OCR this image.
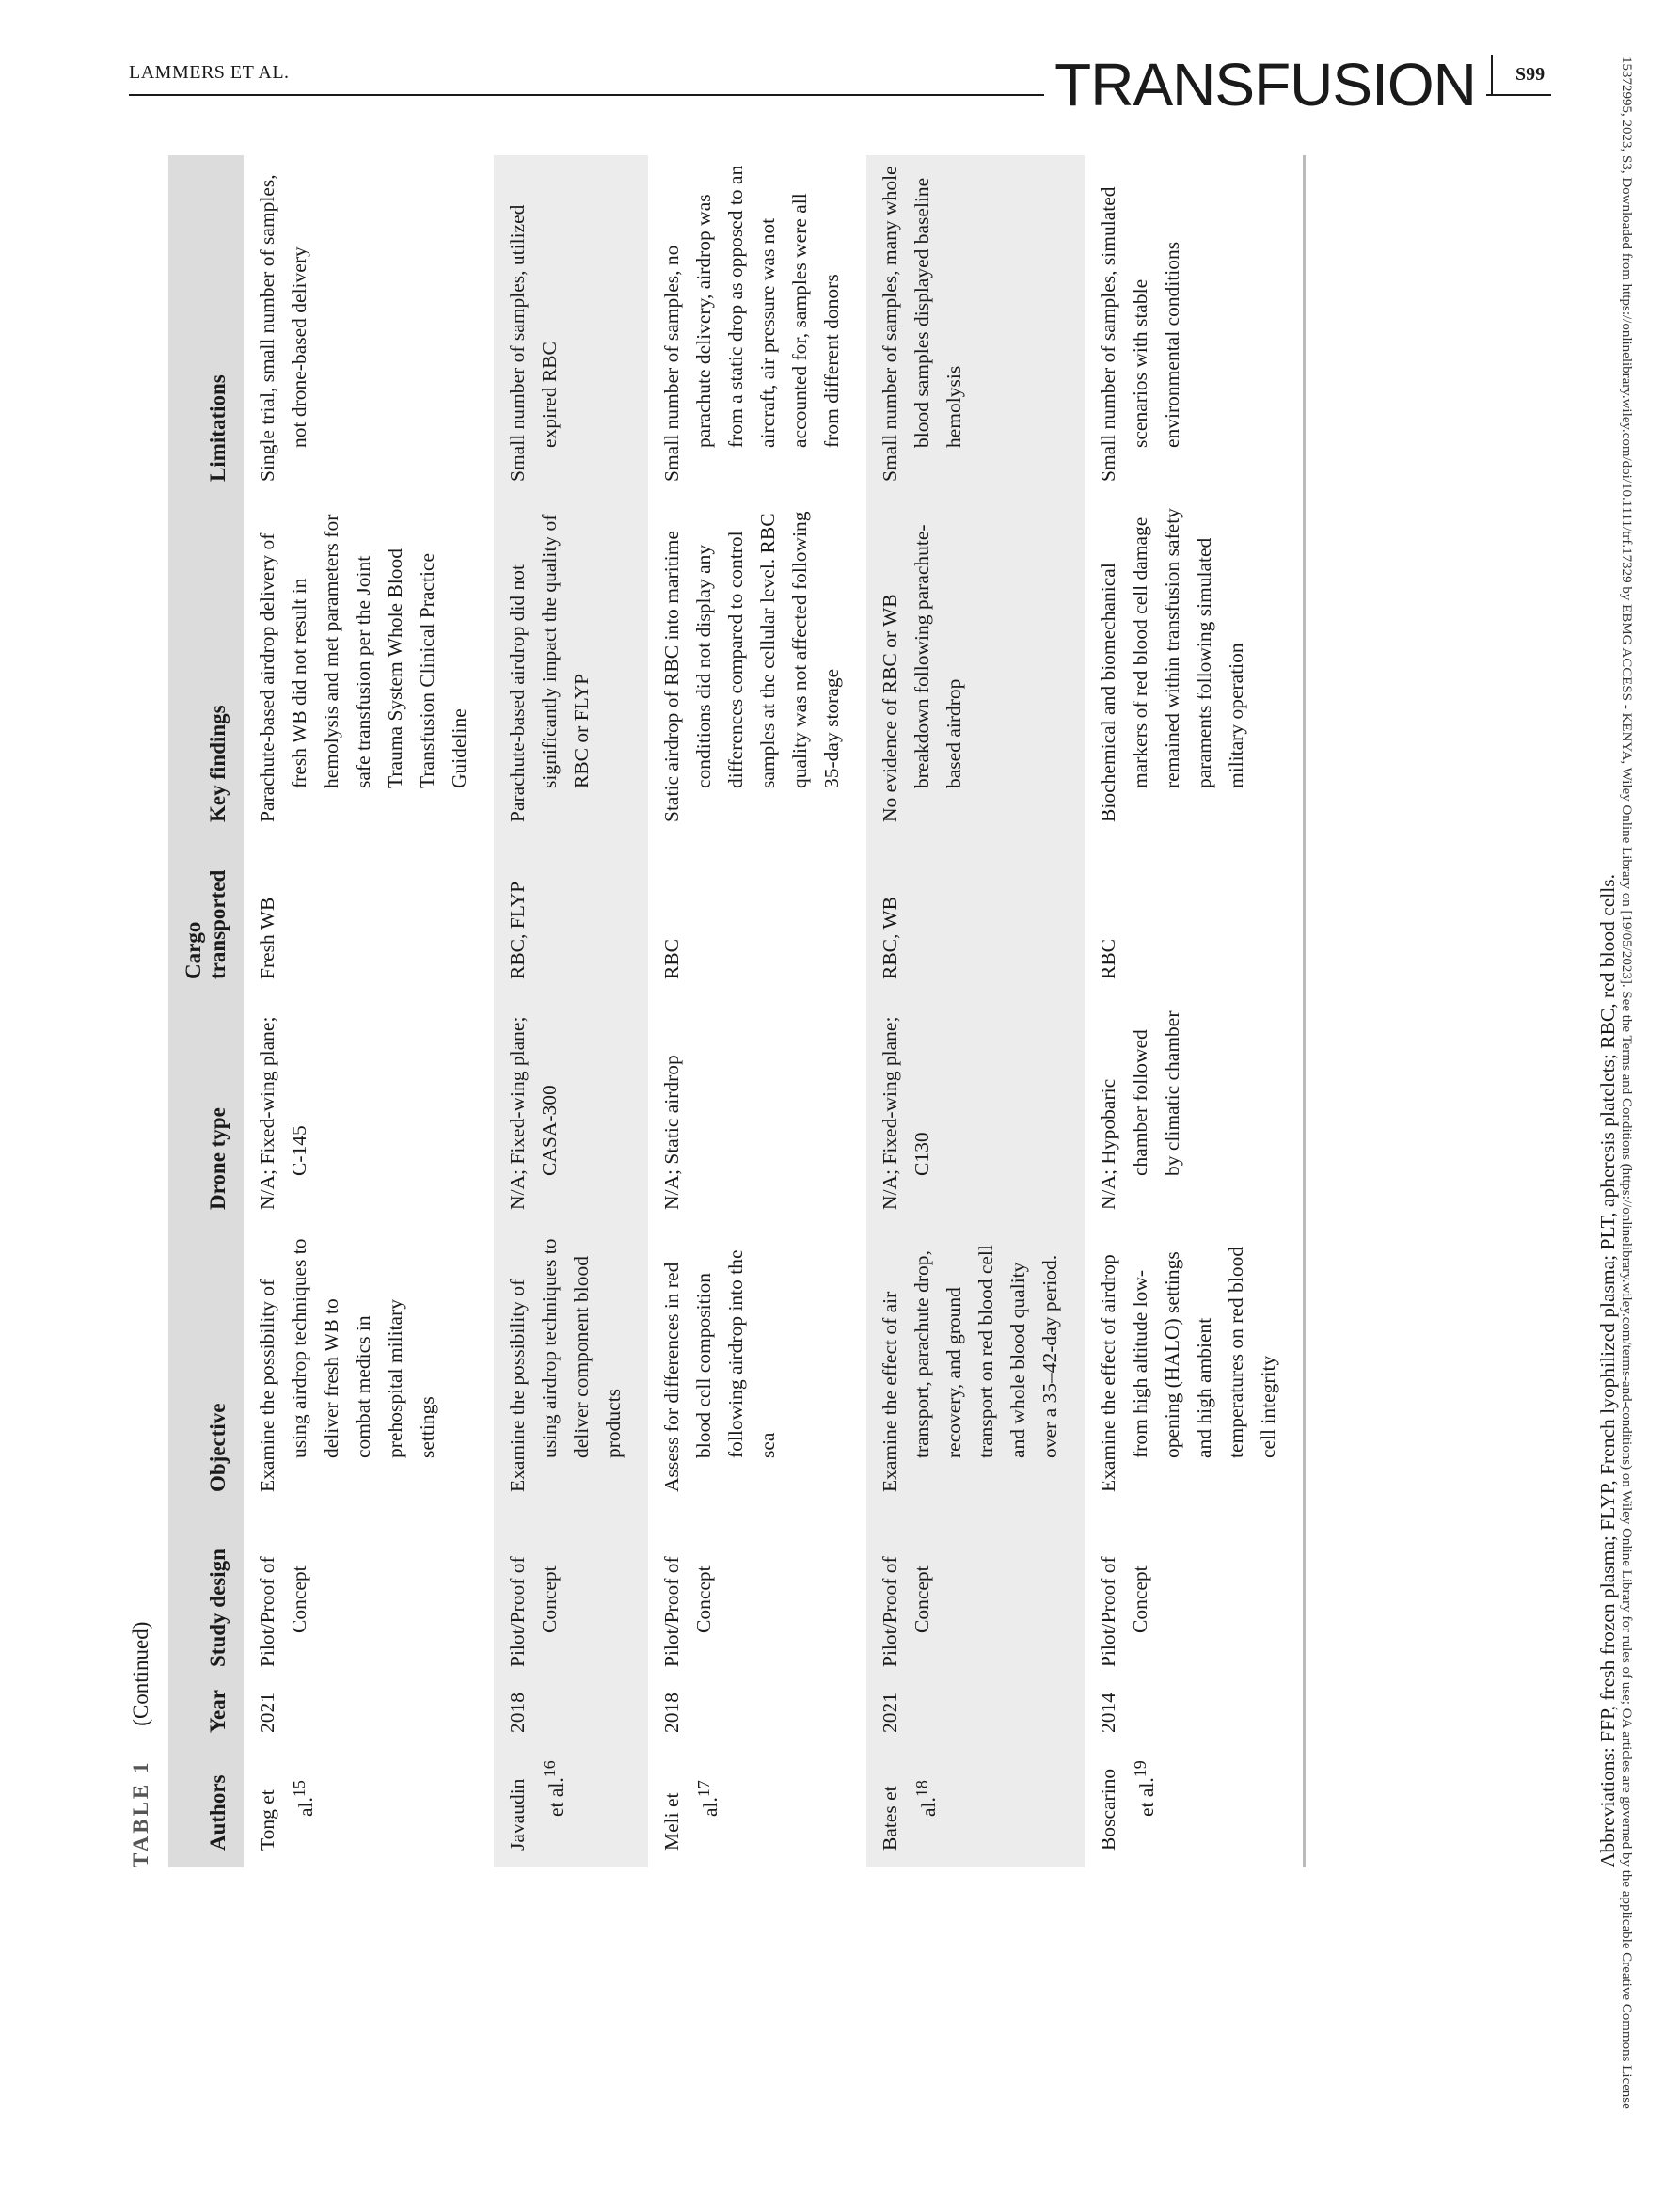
LAMMERS ET AL.	TRANSFUSION	S99	15372995, 2023, S3, Downloaded from https://onlinelibrary.wiley.com/doi/10.1111/trf.17329 by EBMG ACCESS - KENYA, Wiley Online Library on [19/05/2023]. See the Terms and Conditions (https://onlinelibrary.wiley.com/terms-and-conditions) on Wiley Online Library for rules of use; OA articles are governed by the applicable Creative Commons License
TABLE 1 (Continued)
Authors	Year	Study design	Objective	Drone type	Cargo transported	Key findings	Limitations

Tong et al.$^{15}$	2021	Pilot/Proof of Concept	Examine the possibility of using airdrop techniques to deliver fresh WB to combat medics in prehospital military settings	N/A; Fixed-wing plane; C-145	Fresh WB	Parachute-based airdrop delivery of fresh WB did not result in hemolysis and met parameters for safe transfusion per the Joint Trauma System Whole Blood Transfusion Clinical Practice Guideline	Single trial, small number of samples, not drone-based delivery

Javaudin et al.$^{16}$	2018	Pilot/Proof of Concept	Examine the possibility of using airdrop techniques to deliver component blood products	N/A; Fixed-wing plane; CASA-300	RBC, FLYP	Parachute-based airdrop did not significantly impact the quality of RBC or FLYP	Small number of samples, utilized expired RBC

Meli et al.$^{17}$	2018	Pilot/Proof of Concept	Assess for differences in red blood cell composition following airdrop into the sea	N/A; Static airdrop	RBC	Static airdrop of RBC into maritime conditions did not display any differences compared to control samples at the cellular level. RBC quality was not affected following 35-day storage	Small number of samples, no parachute delivery, airdrop was from a static drop as opposed to an aircraft, air pressure was not accounted for, samples were all from different donors

Bates et al.$^{18}$	2021	Pilot/Proof of Concept	Examine the effect of air transport, parachute drop, recovery, and ground transport on red blood cell and whole blood quality over a 35–42-day period.	N/A; Fixed-wing plane; C130	RBC, WB	No evidence of RBC or WB breakdown following parachute-based airdrop	Small number of samples, many whole blood samples displayed baseline hemolysis

Boscarino et al.$^{19}$	2014	Pilot/Proof of Concept	Examine the effect of airdrop from high altitude low-opening (HALO) settings and high ambient temperatures on red blood cell integrity	N/A; Hypobaric chamber followed by climatic chamber	RBC	Biochemical and biomechanical markers of red blood cell damage remained within transfusion safety paraments following simulated military operation	Small number of samples, simulated scenarios with stable environmental conditions
Abbreviations: FFP, fresh frozen plasma; FLYP, French lyophilized plasma; PLT, apheresis platelets; RBC, red blood cells.
